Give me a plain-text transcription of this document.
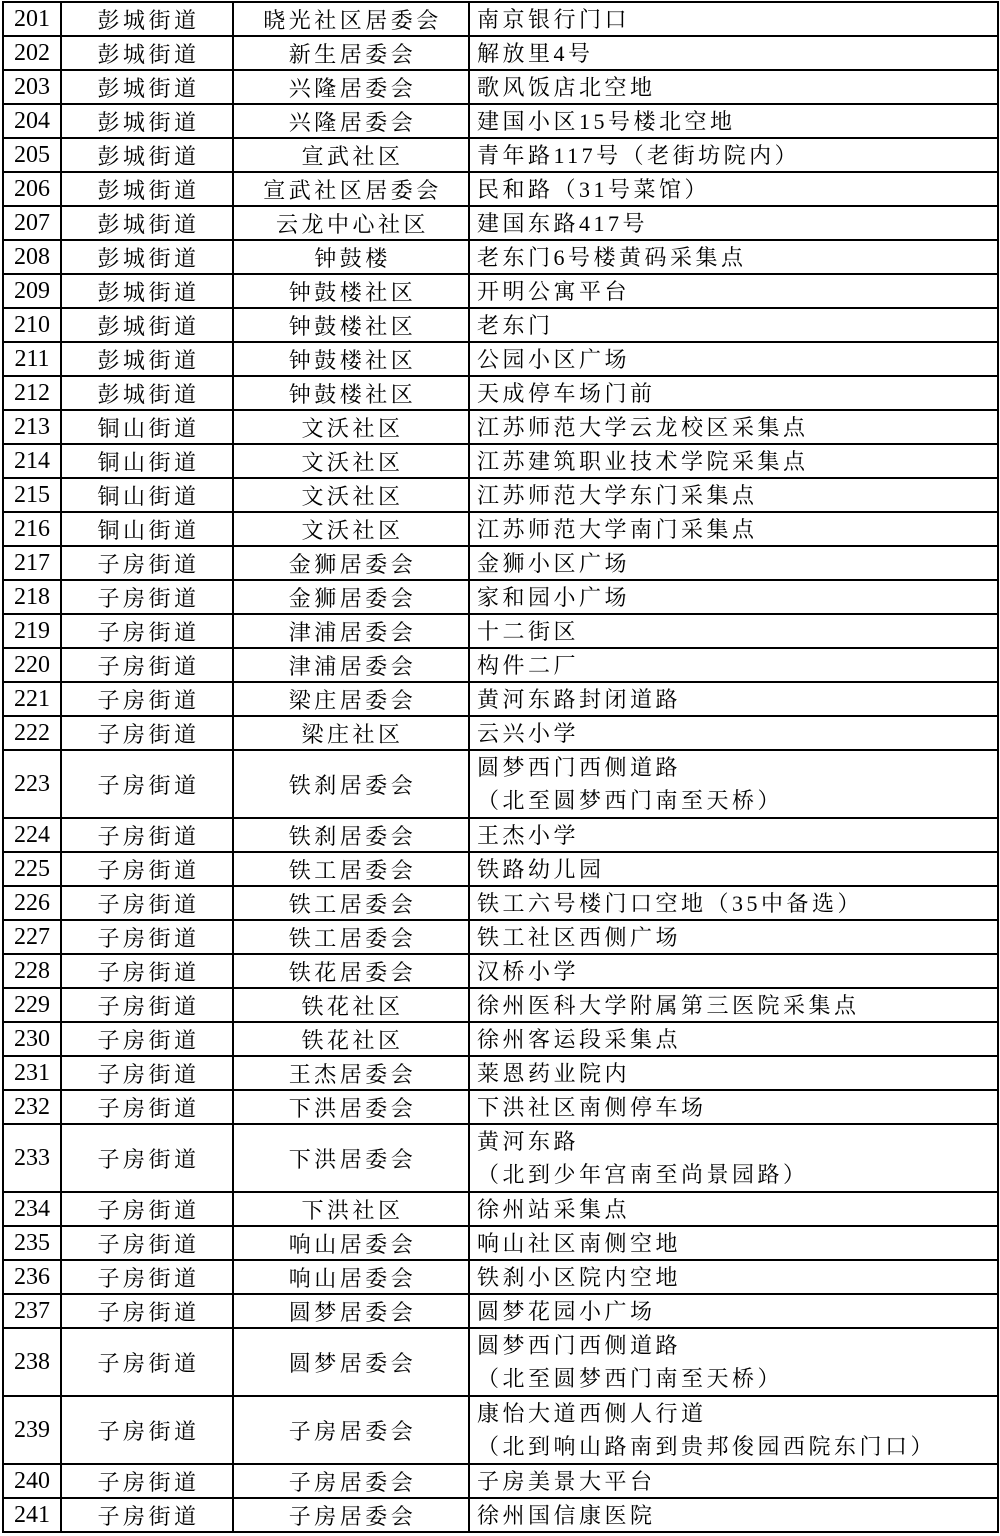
201	彭城街道	晓光社区居委会	南京银行门口
202	彭城街道	新生居委会	解放里4号
203	彭城街道	兴隆居委会	歌风饭店北空地
204	彭城街道	兴隆居委会	建国小区15号楼北空地
205	彭城街道	宣武社区	青年路117号（老街坊院内）
206	彭城街道	宣武社区居委会	民和路（31号菜馆）
207	彭城街道	云龙中心社区	建国东路417号
208	彭城街道	钟鼓楼	老东门6号楼黄码采集点
209	彭城街道	钟鼓楼社区	开明公寓平台
210	彭城街道	钟鼓楼社区	老东门
211	彭城街道	钟鼓楼社区	公园小区广场
212	彭城街道	钟鼓楼社区	天成停车场门前
213	铜山街道	文沃社区	江苏师范大学云龙校区采集点
214	铜山街道	文沃社区	江苏建筑职业技术学院采集点
215	铜山街道	文沃社区	江苏师范大学东门采集点
216	铜山街道	文沃社区	江苏师范大学南门采集点
217	子房街道	金狮居委会	金狮小区广场
218	子房街道	金狮居委会	家和园小广场
219	子房街道	津浦居委会	十二街区
220	子房街道	津浦居委会	构件二厂
221	子房街道	梁庄居委会	黄河东路封闭道路
222	子房街道	梁庄社区	云兴小学
223	子房街道	铁刹居委会
圆梦西门西侧道路
（北至圆梦西门南至天桥）
224	子房街道	铁刹居委会	王杰小学
225	子房街道	铁工居委会	铁路幼儿园
226	子房街道	铁工居委会	铁工六号楼门口空地（35中备选）
227	子房街道	铁工居委会	铁工社区西侧广场
228	子房街道	铁花居委会	汉桥小学
229	子房街道	铁花社区	徐州医科大学附属第三医院采集点
230	子房街道	铁花社区	徐州客运段采集点
231	子房街道	王杰居委会	莱恩药业院内
232	子房街道	下洪居委会	下洪社区南侧停车场
233	子房街道	下洪居委会
黄河东路
（北到少年宫南至尚景园路）
234	子房街道	下洪社区	徐州站采集点
235	子房街道	响山居委会	响山社区南侧空地
236	子房街道	响山居委会	铁刹小区院内空地
237	子房街道	圆梦居委会	圆梦花园小广场
238	子房街道	圆梦居委会
圆梦西门西侧道路
（北至圆梦西门南至天桥）
239	子房街道	子房居委会
康怡大道西侧人行道
（北到响山路南到贵邦俊园西院东门口）
240	子房街道	子房居委会	子房美景大平台
241	子房街道	子房居委会	徐州国信康医院
